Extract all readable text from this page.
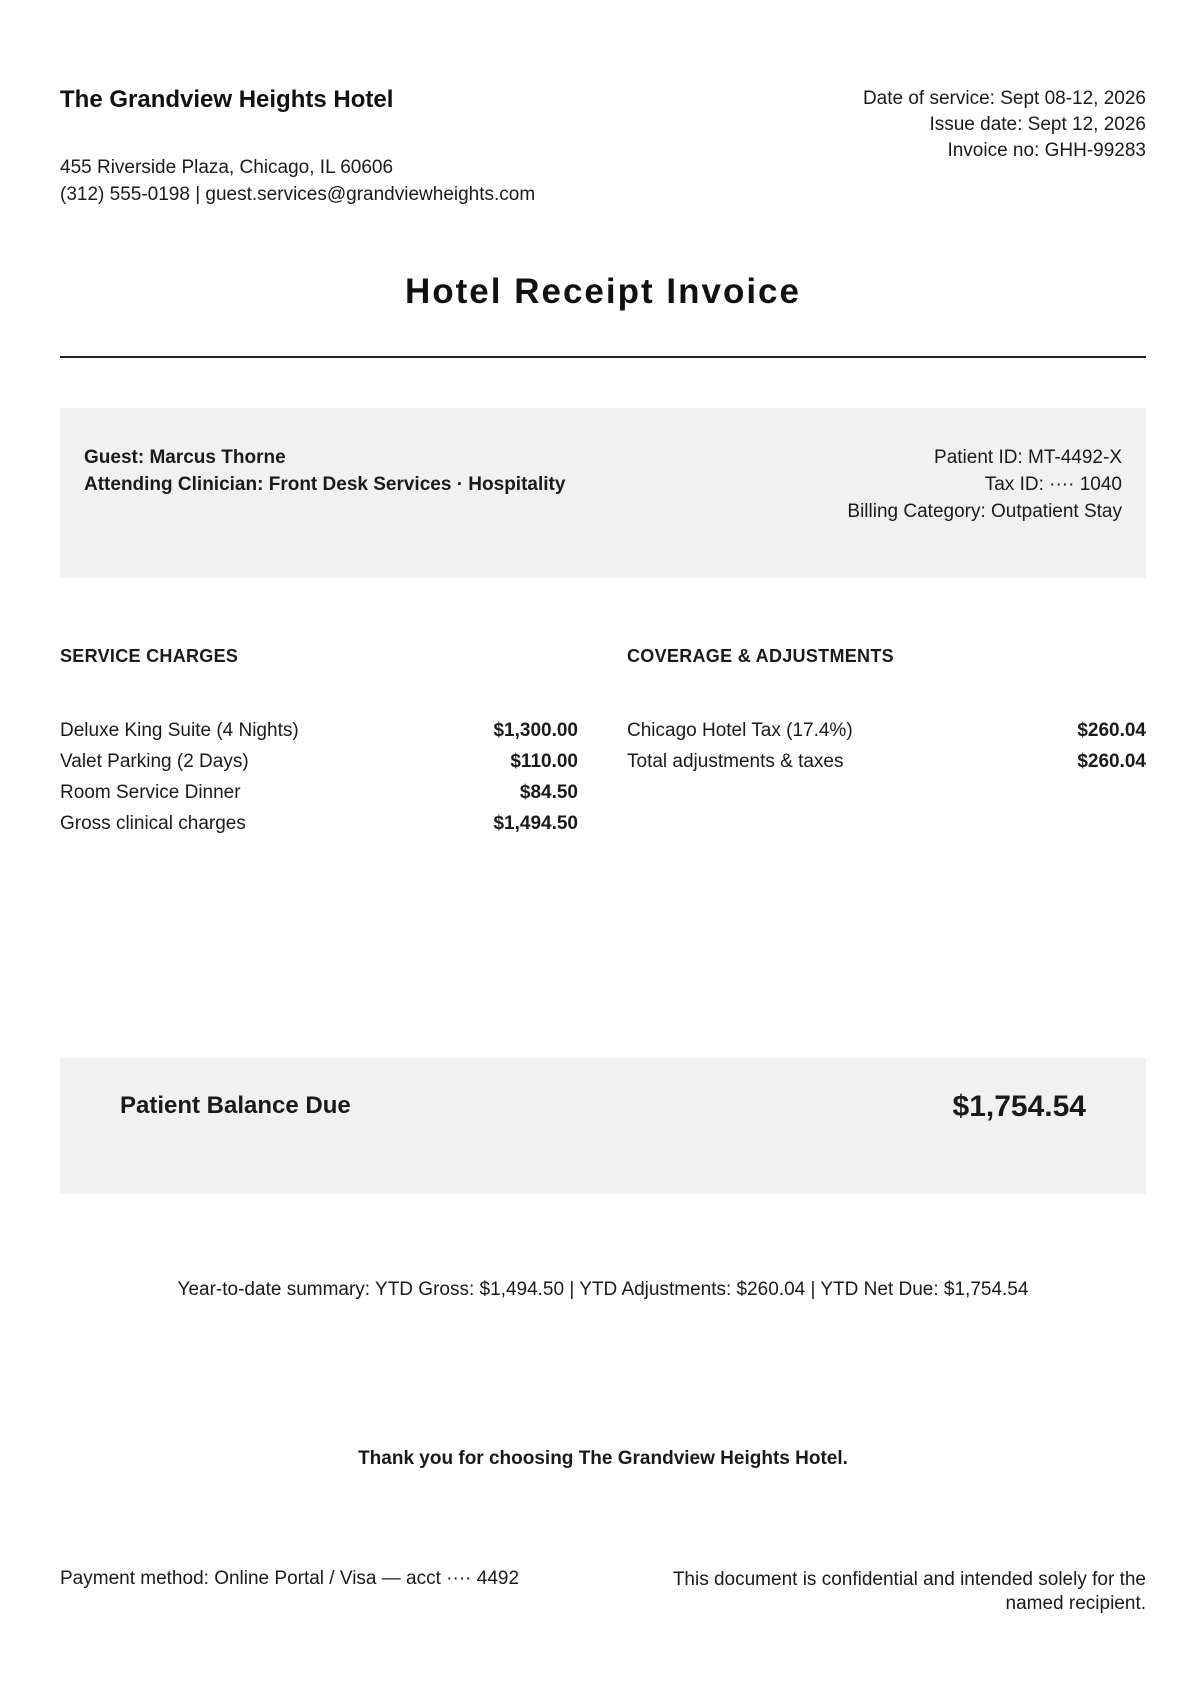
The Grandview Heights Hotel
455 Riverside Plaza, Chicago, IL 60606
(312) 555-0198 | guest.services@grandviewheights.com
Date of service: Sept 08-12, 2026
Issue date: Sept 12, 2026
Invoice no: GHH-99283
Hotel Receipt Invoice
Guest: Marcus Thorne
Attending Clinician: Front Desk Services · Hospitality
Patient ID: MT-4492-X
Tax ID: ···· 1040
Billing Category: Outpatient Stay
SERVICE CHARGES
Deluxe King Suite (4 Nights)	$1,300.00
Valet Parking (2 Days)	$110.00
Room Service Dinner	$84.50
Gross clinical charges	$1,494.50
COVERAGE & ADJUSTMENTS
Chicago Hotel Tax (17.4%)	$260.04
Total adjustments & taxes	$260.04
Patient Balance Due	$1,754.54
Year-to-date summary: YTD Gross: $1,494.50 | YTD Adjustments: $260.04 | YTD Net Due: $1,754.54
Thank you for choosing The Grandview Heights Hotel.
Payment method: Online Portal / Visa — acct ···· 4492	This document is confidential and intended solely for the named recipient.
